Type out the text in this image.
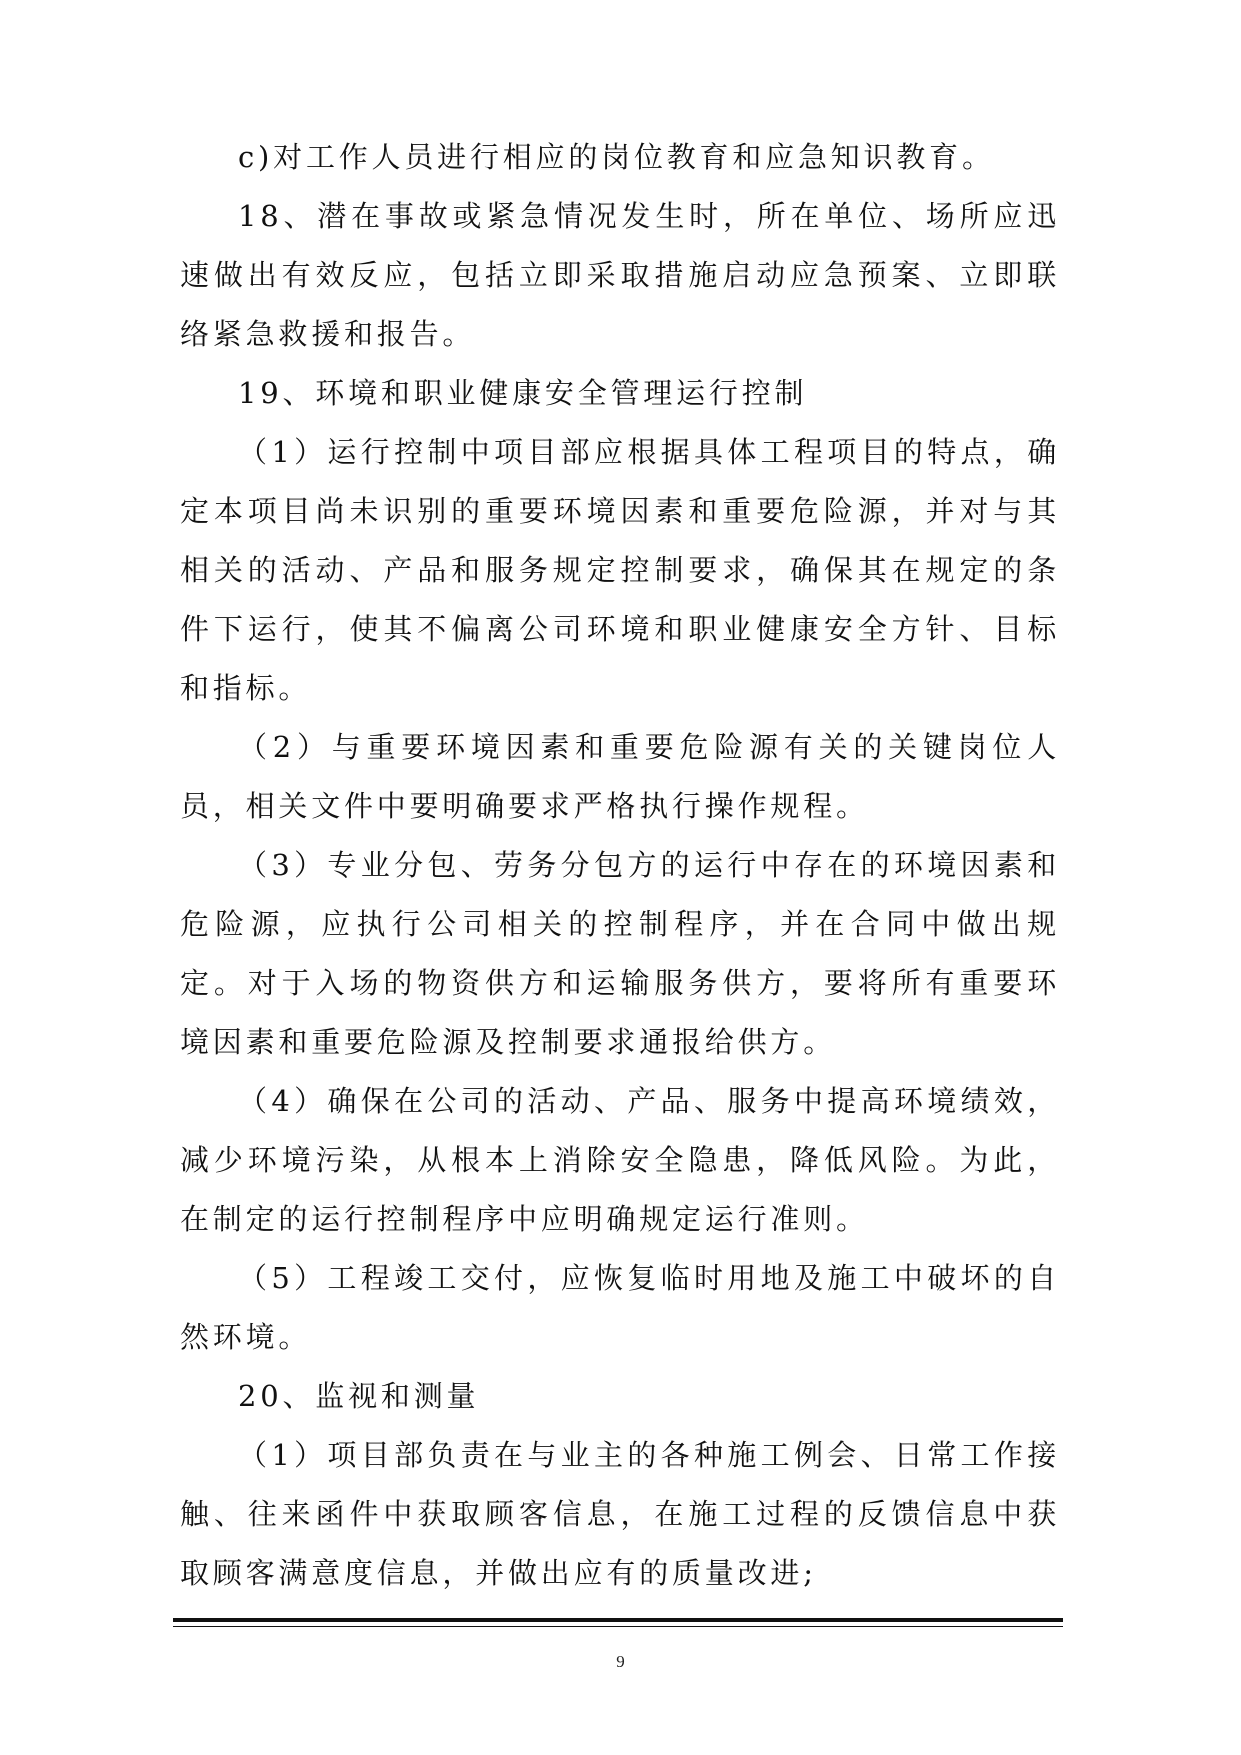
c)对工作人员进行相应的岗位教育和应急知识教育。

18、潜在事故或紧急情况发生时，所在单位、场所应迅速做出有效反应，包括立即采取措施启动应急预案、立即联络紧急救援和报告。

19、环境和职业健康安全管理运行控制

（1）运行控制中项目部应根据具体工程项目的特点，确定本项目尚未识别的重要环境因素和重要危险源，并对与其相关的活动、产品和服务规定控制要求，确保其在规定的条件下运行，使其不偏离公司环境和职业健康安全方针、目标和指标。

（2）与重要环境因素和重要危险源有关的关键岗位人员，相关文件中要明确要求严格执行操作规程。

（3）专业分包、劳务分包方的运行中存在的环境因素和危险源，应执行公司相关的控制程序，并在合同中做出规定。对于入场的物资供方和运输服务供方，要将所有重要环境因素和重要危险源及控制要求通报给供方。

（4）确保在公司的活动、产品、服务中提高环境绩效，减少环境污染，从根本上消除安全隐患，降低风险。为此，在制定的运行控制程序中应明确规定运行准则。

（5）工程竣工交付，应恢复临时用地及施工中破坏的自然环境。

20、监视和测量

（1）项目部负责在与业主的各种施工例会、日常工作接触、往来函件中获取顾客信息，在施工过程的反馈信息中获取顾客满意度信息，并做出应有的质量改进;

9
